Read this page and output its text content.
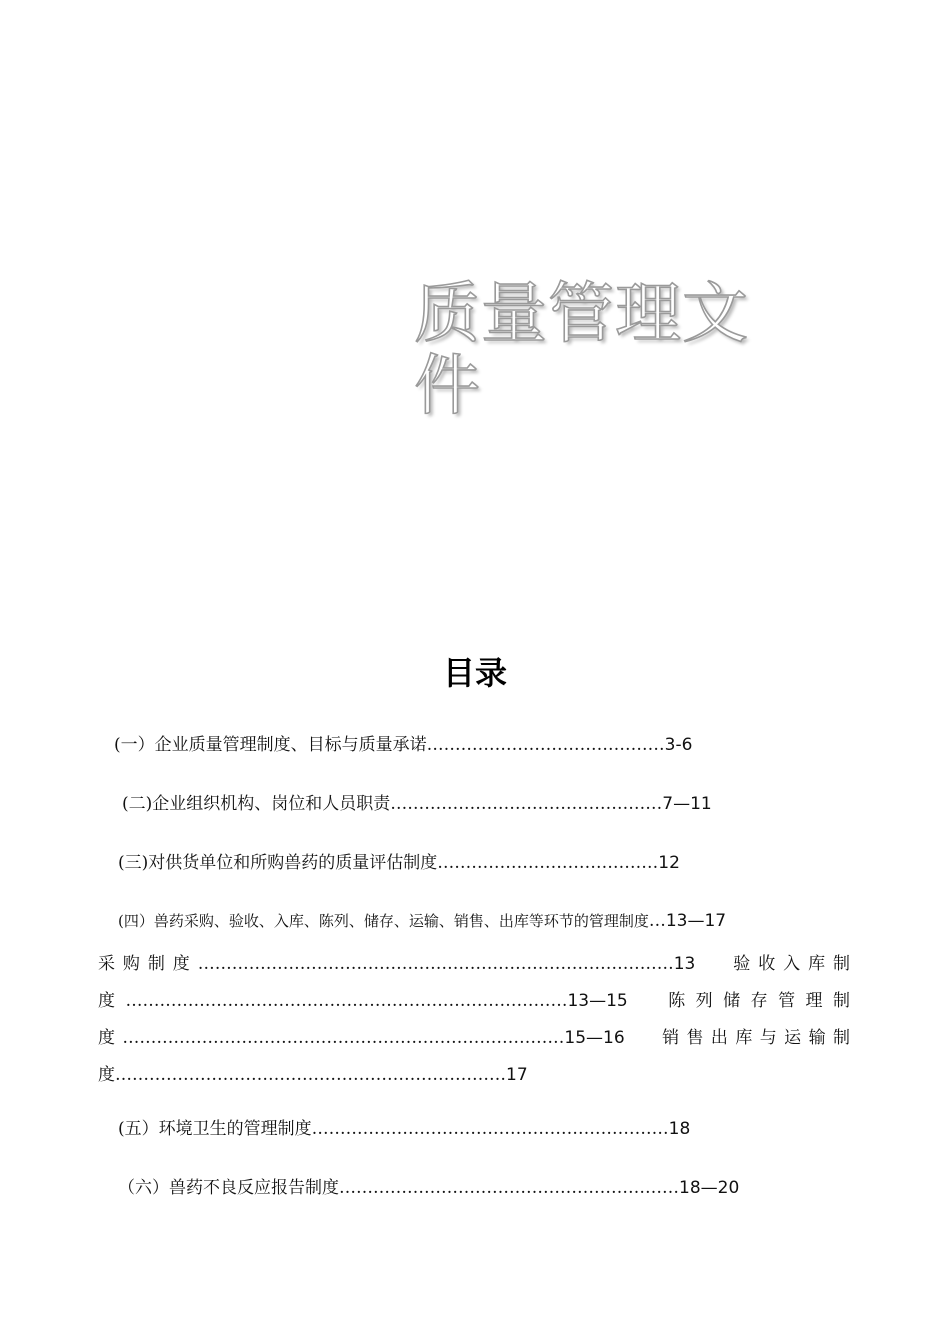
质量管理文件
目录
(一）企业质量管理制度、目标与质量承诺……………………………………3-6
(二)企业组织机构、岗位和人员职责…………………………………………7—11
(三)对供货单位和所购兽药的质量评估制度…………………………………12
(四）兽药采购、验收、入库、陈列、储存、运输、销售、出库等环节的管理制度…13—17
采购制度…………………………………………………………………………13 验收入库制度……………………………………………………………………13—15 陈列储存管理制度……………………………………………………………………15—16 销售出库与运输制度……………………………………………………………17
(五）环境卫生的管理制度………………………………………………………18
（六）兽药不良反应报告制度……………………………………………………18—20
